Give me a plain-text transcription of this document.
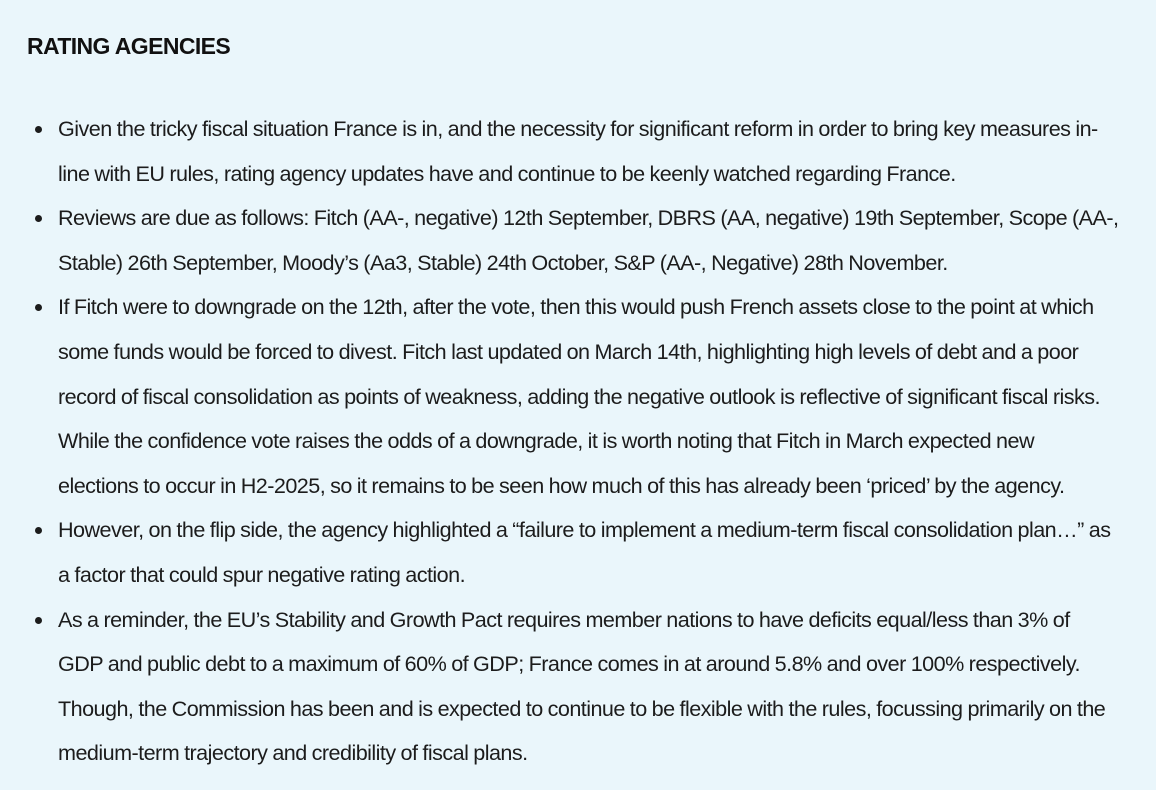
RATING AGENCIES
Given the tricky fiscal situation France is in, and the necessity for significant reform in order to bring key measures in-
line with EU rules, rating agency updates have and continue to be keenly watched regarding France.
Reviews are due as follows: Fitch (AA-, negative) 12th September, DBRS (AA, negative) 19th September, Scope (AA-,
Stable) 26th September, Moody’s (Aa3, Stable) 24th October, S&P (AA-, Negative) 28th November.
If Fitch were to downgrade on the 12th, after the vote, then this would push French assets close to the point at which
some funds would be forced to divest. Fitch last updated on March 14th, highlighting high levels of debt and a poor
record of fiscal consolidation as points of weakness, adding the negative outlook is reflective of significant fiscal risks.
While the confidence vote raises the odds of a downgrade, it is worth noting that Fitch in March expected new
elections to occur in H2-2025, so it remains to be seen how much of this has already been ‘priced’ by the agency.
However, on the flip side, the agency highlighted a “failure to implement a medium-term fiscal consolidation plan…” as
a factor that could spur negative rating action.
As a reminder, the EU’s Stability and Growth Pact requires member nations to have deficits equal/less than 3% of
GDP and public debt to a maximum of 60% of GDP; France comes in at around 5.8% and over 100% respectively.
Though, the Commission has been and is expected to continue to be flexible with the rules, focussing primarily on the
medium-term trajectory and credibility of fiscal plans.
